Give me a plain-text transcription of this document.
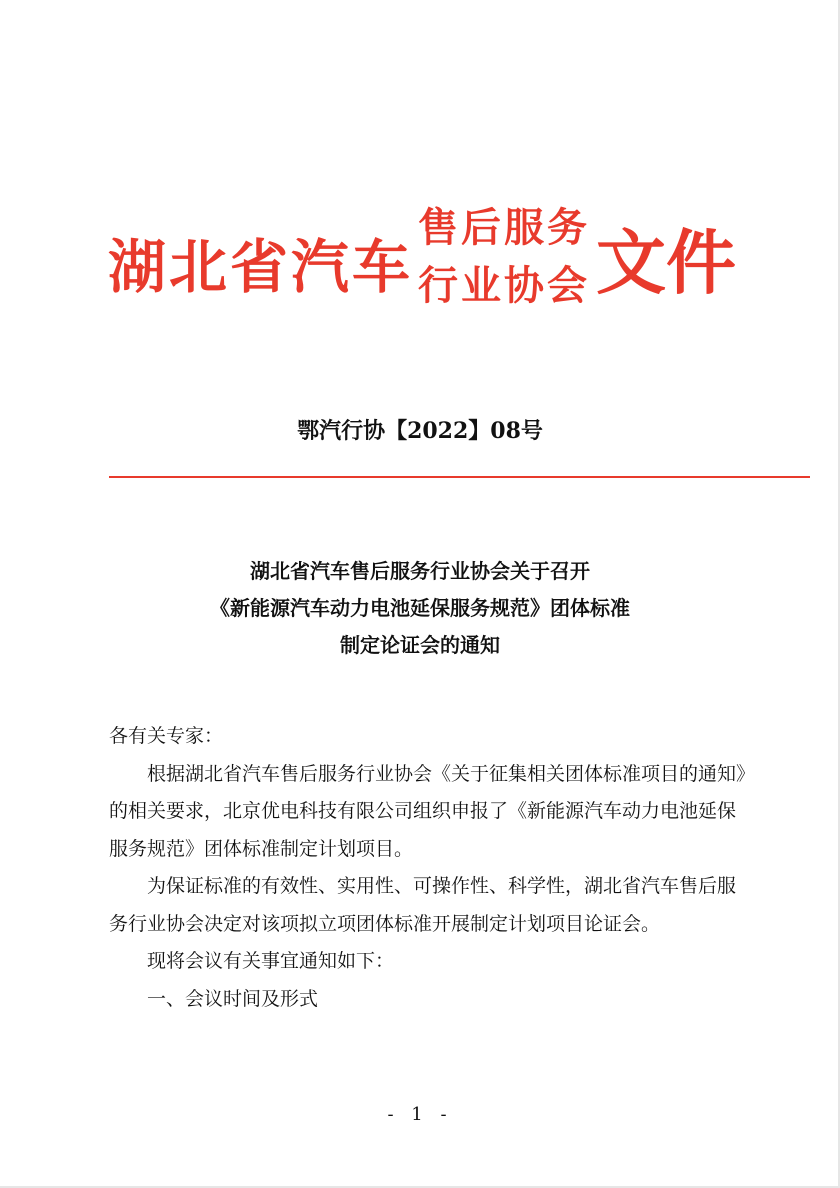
湖北省汽车
售后服务
行业协会 文件
鄂汽行协【2022】08号
湖北省汽车售后服务行业协会关于召开
《新能源汽车动力电池延保服务规范》团体标准
制定论证会的通知

各有关专家：

根据湖北省汽车售后服务行业协会《关于征集相关团体标准项目的通知》的相关要求，北京优电科技有限公司组织申报了《新能源汽车动力电池延保服务规范》团体标准制定计划项目。

为保证标准的有效性、实用性、可操作性、科学性，湖北省汽车售后服务行业协会决定对该项拟立项团体标准开展制定计划项目论证会。

现将会议有关事宜通知如下：

一、会议时间及形式

- 1 -
